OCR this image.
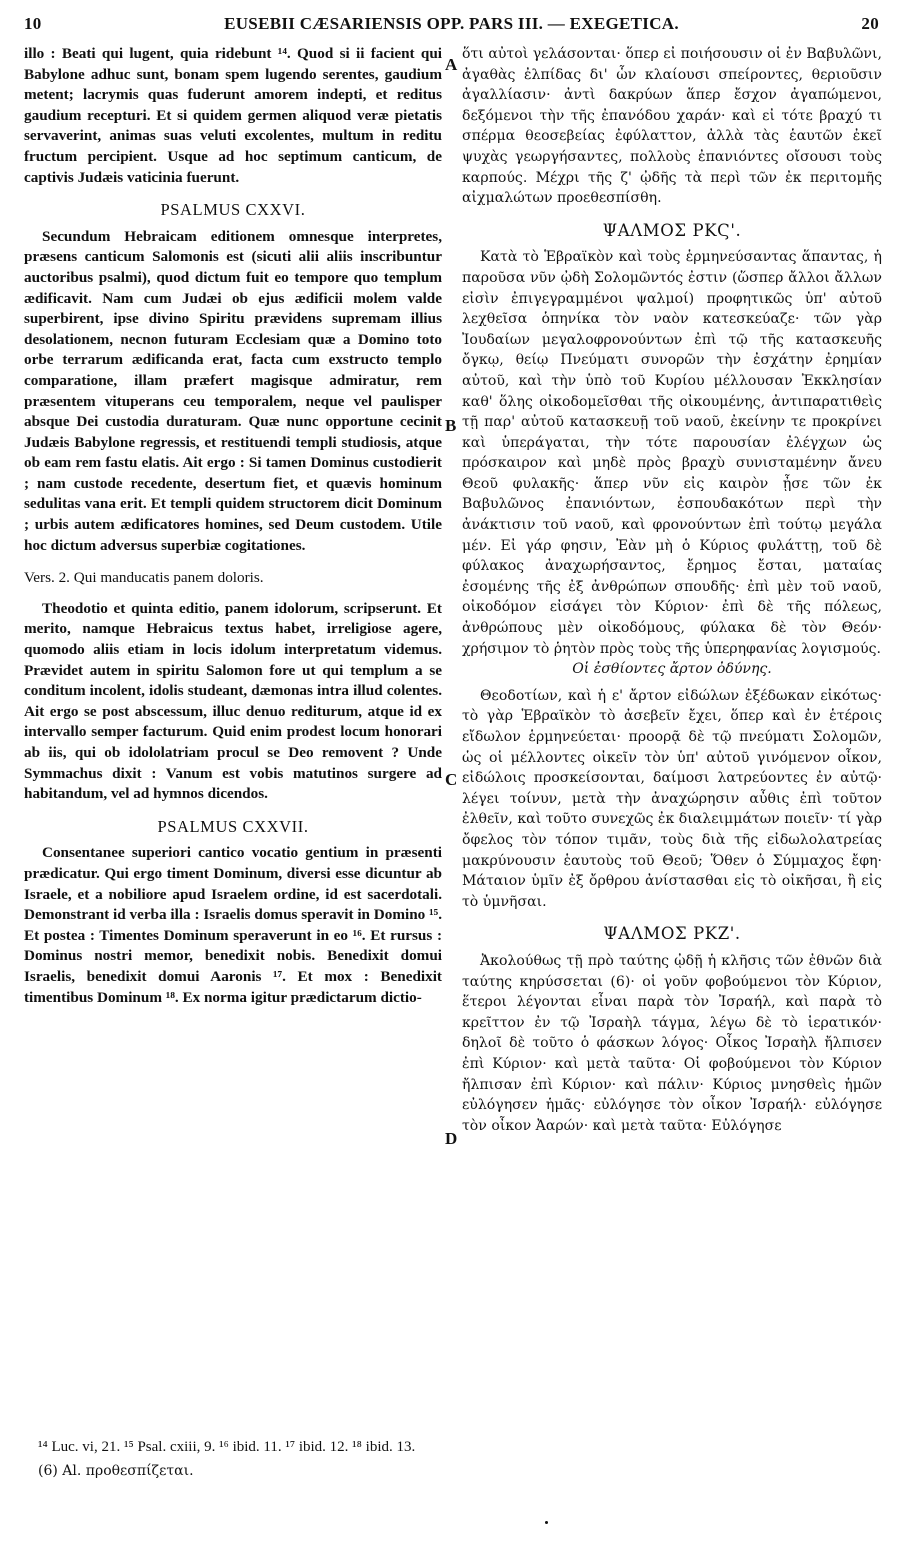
10	EUSEBII CÆSARIENSIS OPP. PARS III. — EXEGETICA.	20

illo : Beati qui lugent, quia ridebunt ¹⁴. Quod si ii facient qui Babylone adhuc sunt, bonam spem lugendo serentes, gaudium metent; lacrymis quas fuderunt amorem indepti, et reditus gaudium recepturi. Et si quidem germen aliquod veræ pietatis servaverint, animas suas veluti excolentes, multum in reditu fructum percipient. Usque ad hoc septimum canticum, de captivis Judæis vaticinia fuerunt.

PSALMUS CXXVI.

Secundum Hebraicam editionem omnesque interpretes, præsens canticum Salomonis est (sicuti alii aliis inscribuntur auctoribus psalmi), quod dictum fuit eo tempore quo templum ædificavit. Nam cum Judæi ob ejus ædificii molem valde superbirent, ipse divino Spiritu prævidens supremam illius desolationem, necnon futuram Ecclesiam quæ a Domino toto orbe terrarum ædificanda erat, facta cum exstructo templo comparatione, illam præfert magisque admiratur, rem præsentem vituperans ceu temporalem, neque vel paulisper absque Dei custodia duraturam. Quæ nunc opportune cecinit Judæis Babylone regressis, et restituendi templi studiosis, atque ob eam rem fastu elatis. Ait ergo : Si tamen Dominus custodierit ; nam custode recedente, desertum fiet, et quævis hominum sedulitas vana erit. Et templi quidem structorem dicit Dominum ; urbis autem ædificatores homines, sed Deum custodem. Utile hoc dictum adversus superbiæ cogitationes.

Vers. 2. Qui manducatis panem doloris.

Theodotio et quinta editio, panem idolorum, scripserunt. Et merito, namque Hebraicus textus habet, irreligiose agere, quomodo aliis etiam in locis idolum interpretatum videmus. Prævidet autem in spiritu Salomon fore ut qui templum a se conditum incolent, idolis studeant, dæmonas intra illud colentes. Ait ergo se post abscessum, illuc denuo rediturum, atque id ex intervallo semper facturum. Quid enim prodest locum honorari ab iis, qui ob idololatriam procul se Deo removent ? Unde Symmachus dixit : Vanum est vobis matutinos surgere ad habitandum, vel ad hymnos dicendos.

PSALMUS CXXVII.

Consentanee superiori cantico vocatio gentium in præsenti prædicatur. Qui ergo timent Dominum, diversi esse dicuntur ab Israele, et a nobiliore apud Israelem ordine, id est sacerdotali. Demonstrant id verba illa : Israelis domus speravit in Domino ¹⁵. Et postea : Timentes Dominum speraverunt in eo ¹⁶. Et rursus : Dominus nostri memor, benedixit nobis. Benedixit domui Israelis, benedixit domui Aaronis ¹⁷. Et mox : Benedixit timentibus Dominum ¹⁸. Ex norma igitur prædictarum dictio-

A
B
C
D

ὅτι αὐτοὶ γελάσονται· ὅπερ εἰ ποιήσουσιν οἱ ἐν Βαβυλῶνι, ἀγαθὰς ἐλπίδας δι' ὧν κλαίουσι σπείροντες, θεριοῦσιν ἀγαλλίασιν· ἀντὶ δακρύων ἅπερ ἔσχον ἀγαπώμενοι, δεξόμενοι τὴν τῆς ἐπανόδου χαράν· καὶ εἰ τότε βραχύ τι σπέρμα θεοσεβείας ἐφύλαττον, ἀλλὰ τὰς ἑαυτῶν ἐκεῖ ψυχὰς γεωργήσαντες, πολλοὺς ἐπανιόντες οἴσουσι τοὺς καρπούς. Μέχρι τῆς ζ' ᾠδῆς τὰ περὶ τῶν ἐκ περιτομῆς αἰχμαλώτων προεθεσπίσθη.

ΨΑΛΜΟΣ ΡΚϚ'.

Κατὰ τὸ Ἑβραϊκὸν καὶ τοὺς ἑρμηνεύσαντας ἅπαντας, ἡ παροῦσα νῦν ᾠδὴ Σολομῶντός ἐστιν (ὥσπερ ἄλλοι ἄλλων εἰσὶν ἐπιγεγραμμένοι ψαλμοί) προφητικῶς ὑπ' αὐτοῦ λεχθεῖσα ὁπηνίκα τὸν ναὸν κατεσκεύαζε· τῶν γὰρ Ἰουδαίων μεγαλοφρονούντων ἐπὶ τῷ τῆς κατασκευῆς ὄγκῳ, θείῳ Πνεύματι συνορῶν τὴν ἐσχάτην ἐρημίαν αὐτοῦ, καὶ τὴν ὑπὸ τοῦ Κυρίου μέλλουσαν Ἐκκλησίαν καθ' ὅλης οἰκοδομεῖσθαι τῆς οἰκουμένης, ἀντιπαρατιθεὶς τῇ παρ' αὐτοῦ κατασκευῇ τοῦ ναοῦ, ἐκείνην τε προκρίνει καὶ ὑπεράγαται, τὴν τότε παρουσίαν ἐλέγχων ὡς πρόσκαιρον καὶ μηδὲ πρὸς βραχὺ συνισταμένην ἄνευ Θεοῦ φυλακῆς· ἅπερ νῦν εἰς καιρὸν ᾖσε τῶν ἐκ Βαβυλῶνος ἐπανιόντων, ἐσπουδακότων περὶ τὴν ἀνάκτισιν τοῦ ναοῦ, καὶ φρονούντων ἐπὶ τούτῳ μεγάλα μέν. Εἰ γάρ φησιν, Ἐὰν μὴ ὁ Κύριος φυλάττῃ, τοῦ δὲ φύλακος ἀναχωρήσαντος, ἔρημος ἔσται, ματαίας ἐσομένης τῆς ἐξ ἀνθρώπων σπουδῆς· ἐπὶ μὲν τοῦ ναοῦ, οἰκοδόμον εἰσάγει τὸν Κύριον· ἐπὶ δὲ τῆς πόλεως, ἀνθρώπους μὲν οἰκοδόμους, φύλακα δὲ τὸν Θεόν· χρήσιμον τὸ ῥητὸν πρὸς τοὺς τῆς ὑπερηφανίας λογισμούς.

Οἱ ἐσθίοντες ἄρτον ὀδύνης.

Θεοδοτίων, καὶ ἡ ε' ἄρτον εἰδώλων ἐξέδωκαν εἰκότως· τὸ γὰρ Ἑβραϊκὸν τὸ ἀσεβεῖν ἔχει, ὅπερ καὶ ἐν ἑτέροις εἴδωλον ἑρμηνεύεται· προορᾷ δὲ τῷ πνεύματι Σολομῶν, ὡς οἱ μέλλοντες οἰκεῖν τὸν ὑπ' αὐτοῦ γινόμενον οἶκον, εἰδώλοις προσκείσονται, δαίμοσι λατρεύοντες ἐν αὐτῷ· λέγει τοίνυν, μετὰ τὴν ἀναχώρησιν αὖθις ἐπὶ τοῦτον ἐλθεῖν, καὶ τοῦτο συνεχῶς ἐκ διαλειμμάτων ποιεῖν· τί γὰρ ὄφελος τὸν τόπον τιμᾶν, τοὺς διὰ τῆς εἰδωλολατρείας μακρύνουσιν ἑαυτοὺς τοῦ Θεοῦ; Ὅθεν ὁ Σύμμαχος ἔφη· Μάταιον ὑμῖν ἐξ ὄρθρου ἀνίστασθαι εἰς τὸ οἰκῆσαι, ἢ εἰς τὸ ὑμνῆσαι.

ΨΑΛΜΟΣ ΡΚΖ'.

Ἀκολούθως τῇ πρὸ ταύτης ᾠδῇ ἡ κλῆσις τῶν ἐθνῶν διὰ ταύτης κηρύσσεται (6)· οἱ γοῦν φοβούμενοι τὸν Κύριον, ἕτεροι λέγονται εἶναι παρὰ τὸν Ἰσραήλ, καὶ παρὰ τὸ κρεῖττον ἐν τῷ Ἰσραὴλ τάγμα, λέγω δὲ τὸ ἱερατικόν· δηλοῖ δὲ τοῦτο ὁ φάσκων λόγος· Οἶκος Ἰσραὴλ ἤλπισεν ἐπὶ Κύριον· καὶ μετὰ ταῦτα· Οἱ φοβούμενοι τὸν Κύριον ἤλπισαν ἐπὶ Κύριον· καὶ πάλιν· Κύριος μνησθεὶς ἡμῶν εὐλόγησεν ἡμᾶς· εὐλόγησε τὸν οἶκον Ἰσραήλ· εὐλόγησε τὸν οἶκον Ἀαρών· καὶ μετὰ ταῦτα· Εὐλόγησε

¹⁴ Luc. vi, 21. ¹⁵ Psal. cxiii, 9. ¹⁶ ibid. 11. ¹⁷ ibid. 12. ¹⁸ ibid. 13.
(6) Al. προθεσπίζεται.
